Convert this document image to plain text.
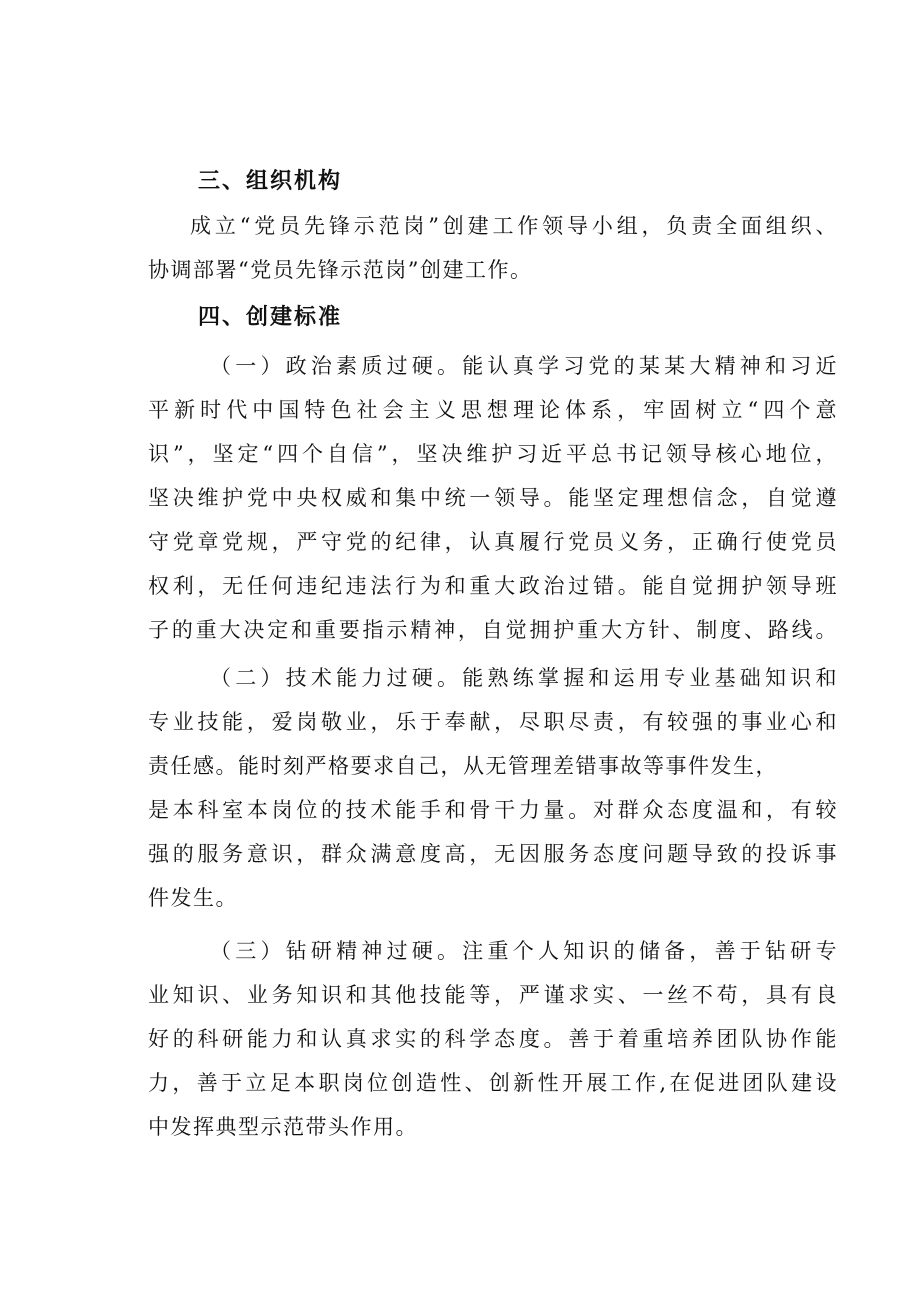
三、组织机构
成立“党员先锋示范岗”创建工作领导小组，负责全面组织、
协调部署“党员先锋示范岗”创建工作。
四、创建标准
（一）政治素质过硬。能认真学习党的某某大精神和习近
平新时代中国特色社会主义思想理论体系，牢固树立“四个意
识”，坚定“四个自信”，坚决维护习近平总书记领导核心地位，
坚决维护党中央权威和集中统一领导。能坚定理想信念，自觉遵
守党章党规，严守党的纪律，认真履行党员义务，正确行使党员
权利，无任何违纪违法行为和重大政治过错。能自觉拥护领导班
子的重大决定和重要指示精神，自觉拥护重大方针、制度、路线。
（二）技术能力过硬。能熟练掌握和运用专业基础知识和
专业技能，爱岗敬业，乐于奉献，尽职尽责，有较强的事业心和
责任感。能时刻严格要求自己，从无管理差错事故等事件发生，
是本科室本岗位的技术能手和骨干力量。对群众态度温和，有较
强的服务意识，群众满意度高，无因服务态度问题导致的投诉事
件发生。
（三）钻研精神过硬。注重个人知识的储备，善于钻研专
业知识、业务知识和其他技能等，严谨求实、一丝不苟，具有良
好的科研能力和认真求实的科学态度。善于着重培养团队协作能
力，善于立足本职岗位创造性、创新性开展工作,在促进团队建设
中发挥典型示范带头作用。
